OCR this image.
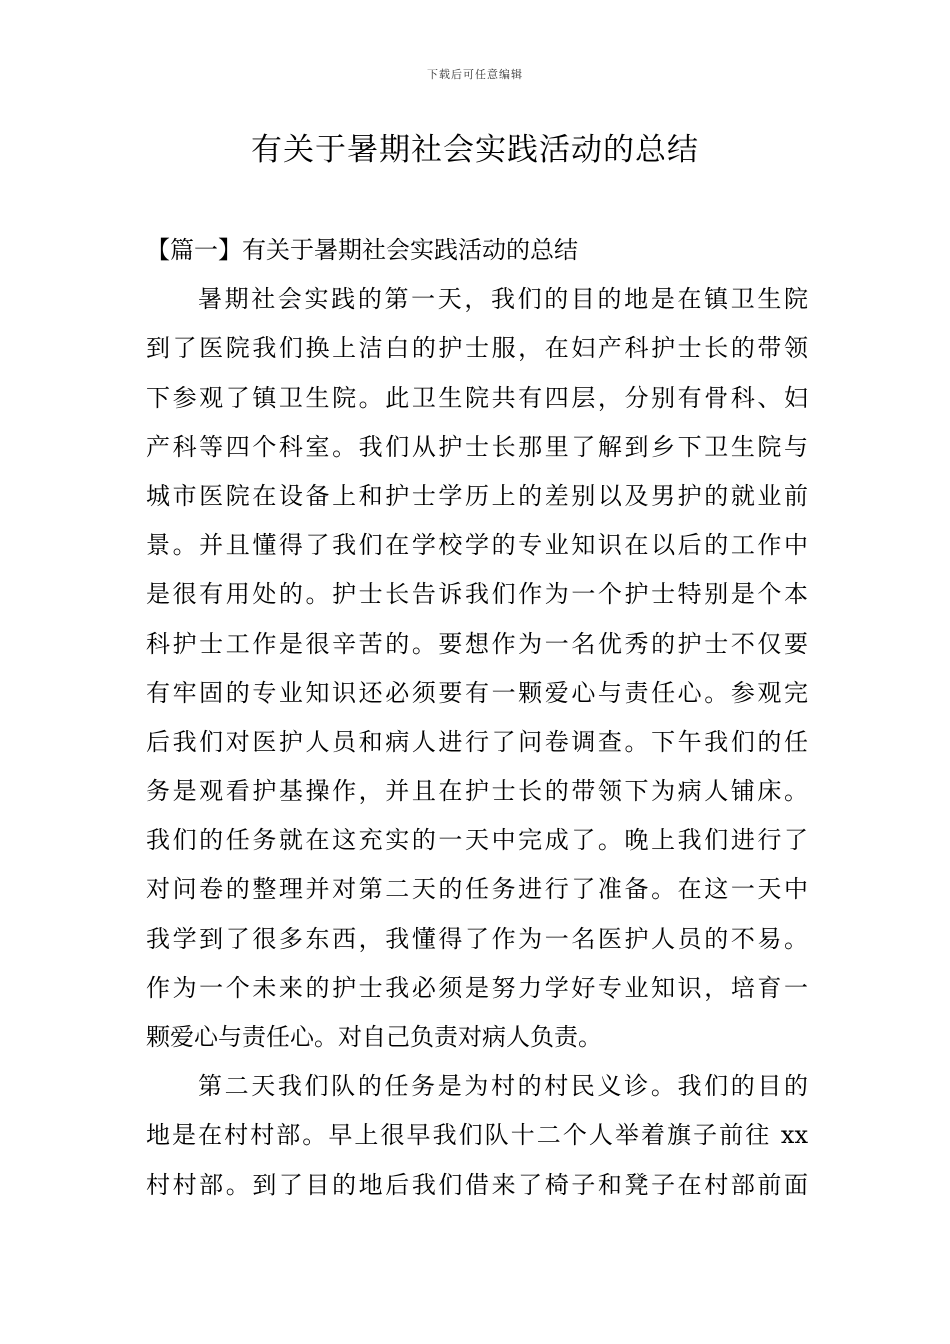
下载后可任意编辑
有关于暑期社会实践活动的总结
【篇一】有关于暑期社会实践活动的总结
暑期社会实践的第一天，我们的目的地是在镇卫生院
到了医院我们换上洁白的护士服，在妇产科护士长的带领
下参观了镇卫生院。此卫生院共有四层，分别有骨科、妇
产科等四个科室。我们从护士长那里了解到乡下卫生院与
城市医院在设备上和护士学历上的差别以及男护的就业前
景。并且懂得了我们在学校学的专业知识在以后的工作中
是很有用处的。护士长告诉我们作为一个护士特别是个本
科护士工作是很辛苦的。要想作为一名优秀的护士不仅要
有牢固的专业知识还必须要有一颗爱心与责任心。参观完
后我们对医护人员和病人进行了问卷调查。下午我们的任
务是观看护基操作，并且在护士长的带领下为病人铺床。
我们的任务就在这充实的一天中完成了。晚上我们进行了
对问卷的整理并对第二天的任务进行了准备。在这一天中
我学到了很多东西，我懂得了作为一名医护人员的不易。
作为一个未来的护士我必须是努力学好专业知识，培育一
颗爱心与责任心。对自己负责对病人负责。
第二天我们队的任务是为村的村民义诊。我们的目的
地是在村村部。早上很早我们队十二个人举着旗子前往 xx
村村部。到了目的地后我们借来了椅子和凳子在村部前面
